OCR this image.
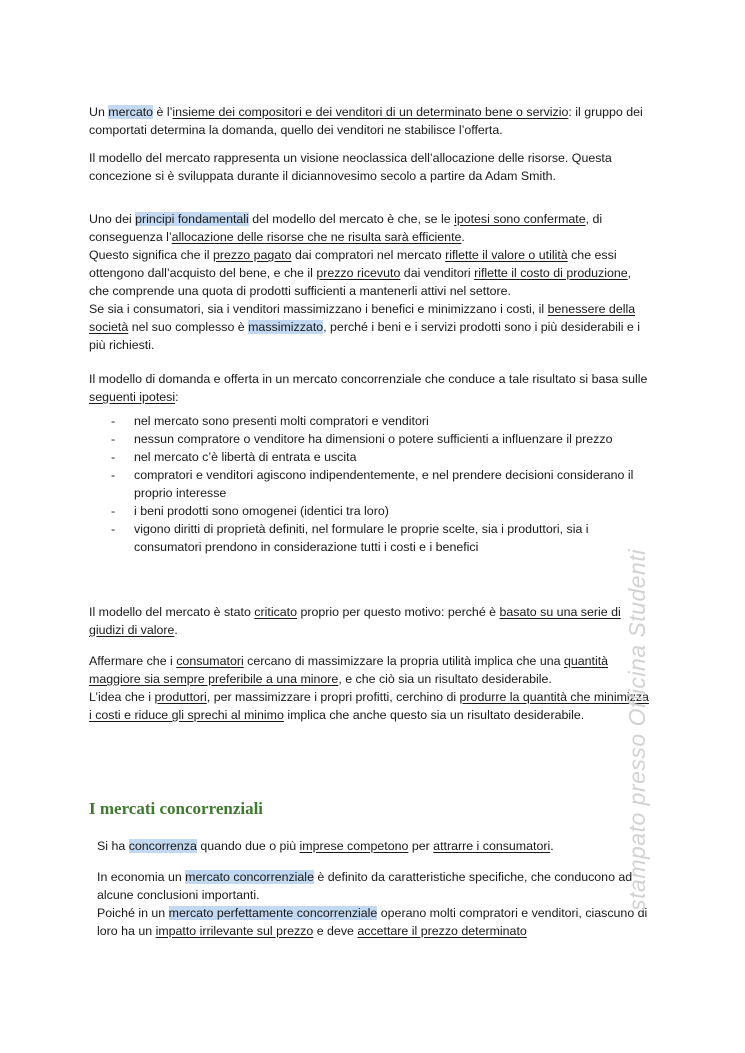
Un mercato è l’insieme dei compositori e dei venditori di un determinato bene o servizio: il gruppo dei comportati determina la domanda, quello dei venditori ne stabilisce l’offerta.

Il modello del mercato rappresenta un visione neoclassica dell’allocazione delle risorse. Questa concezione si è sviluppata durante il diciannovesimo secolo a partire da Adam Smith.

Uno dei principi fondamentali del modello del mercato è che, se le ipotesi sono confermate, di conseguenza l’allocazione delle risorse che ne risulta sarà efficiente.

Questo significa che il prezzo pagato dai compratori nel mercato riflette il valore o utilità che essi ottengono dall’acquisto del bene, e che il prezzo ricevuto dai venditori riflette il costo di produzione, che comprende una quota di prodotti sufficienti a mantenerli attivi nel settore.

Se sia i consumatori, sia i venditori massimizzano i benefici e minimizzano i costi, il benessere della società nel suo complesso è massimizzato, perché i beni e i servizi prodotti sono i più desiderabili e i più richiesti.

Il modello di domanda e offerta in un mercato concorrenziale che conduce a tale risultato si basa sulle seguenti ipotesi:

- nel mercato sono presenti molti compratori e venditori
- nessun compratore o venditore ha dimensioni o potere sufficienti a influenzare il prezzo
- nel mercato c’è libertà di entrata e uscita
- compratori e venditori agiscono indipendentemente, e nel prendere decisioni considerano il proprio interesse
- i beni prodotti sono omogenei (identici tra loro)
- vigono diritti di proprietà definiti, nel formulare le proprie scelte, sia i produttori, sia i consumatori prendono in considerazione tutti i costi e i benefici

Il modello del mercato è stato criticato proprio per questo motivo: perché è basato su una serie di giudizi di valore.

Affermare che i consumatori cercano di massimizzare la propria utilità implica che una quantità maggiore sia sempre preferibile a una minore, e che ciò sia un risultato desiderabile.

L’idea che i produttori, per massimizzare i propri profitti, cerchino di produrre la quantità che minimizza i costi e riduce gli sprechi al minimo implica che anche questo sia un risultato desiderabile.

I mercati concorrenziali

Si ha concorrenza quando due o più imprese competono per attrarre i consumatori.

In economia un mercato concorrenziale è definito da caratteristiche specifiche, che conducono ad alcune conclusioni importanti.

Poiché in un mercato perfettamente concorrenziale operano molti compratori e venditori, ciascuno di loro ha un impatto irrilevante sul prezzo e deve accettare il prezzo determinato

stampato presso Officina Studenti
